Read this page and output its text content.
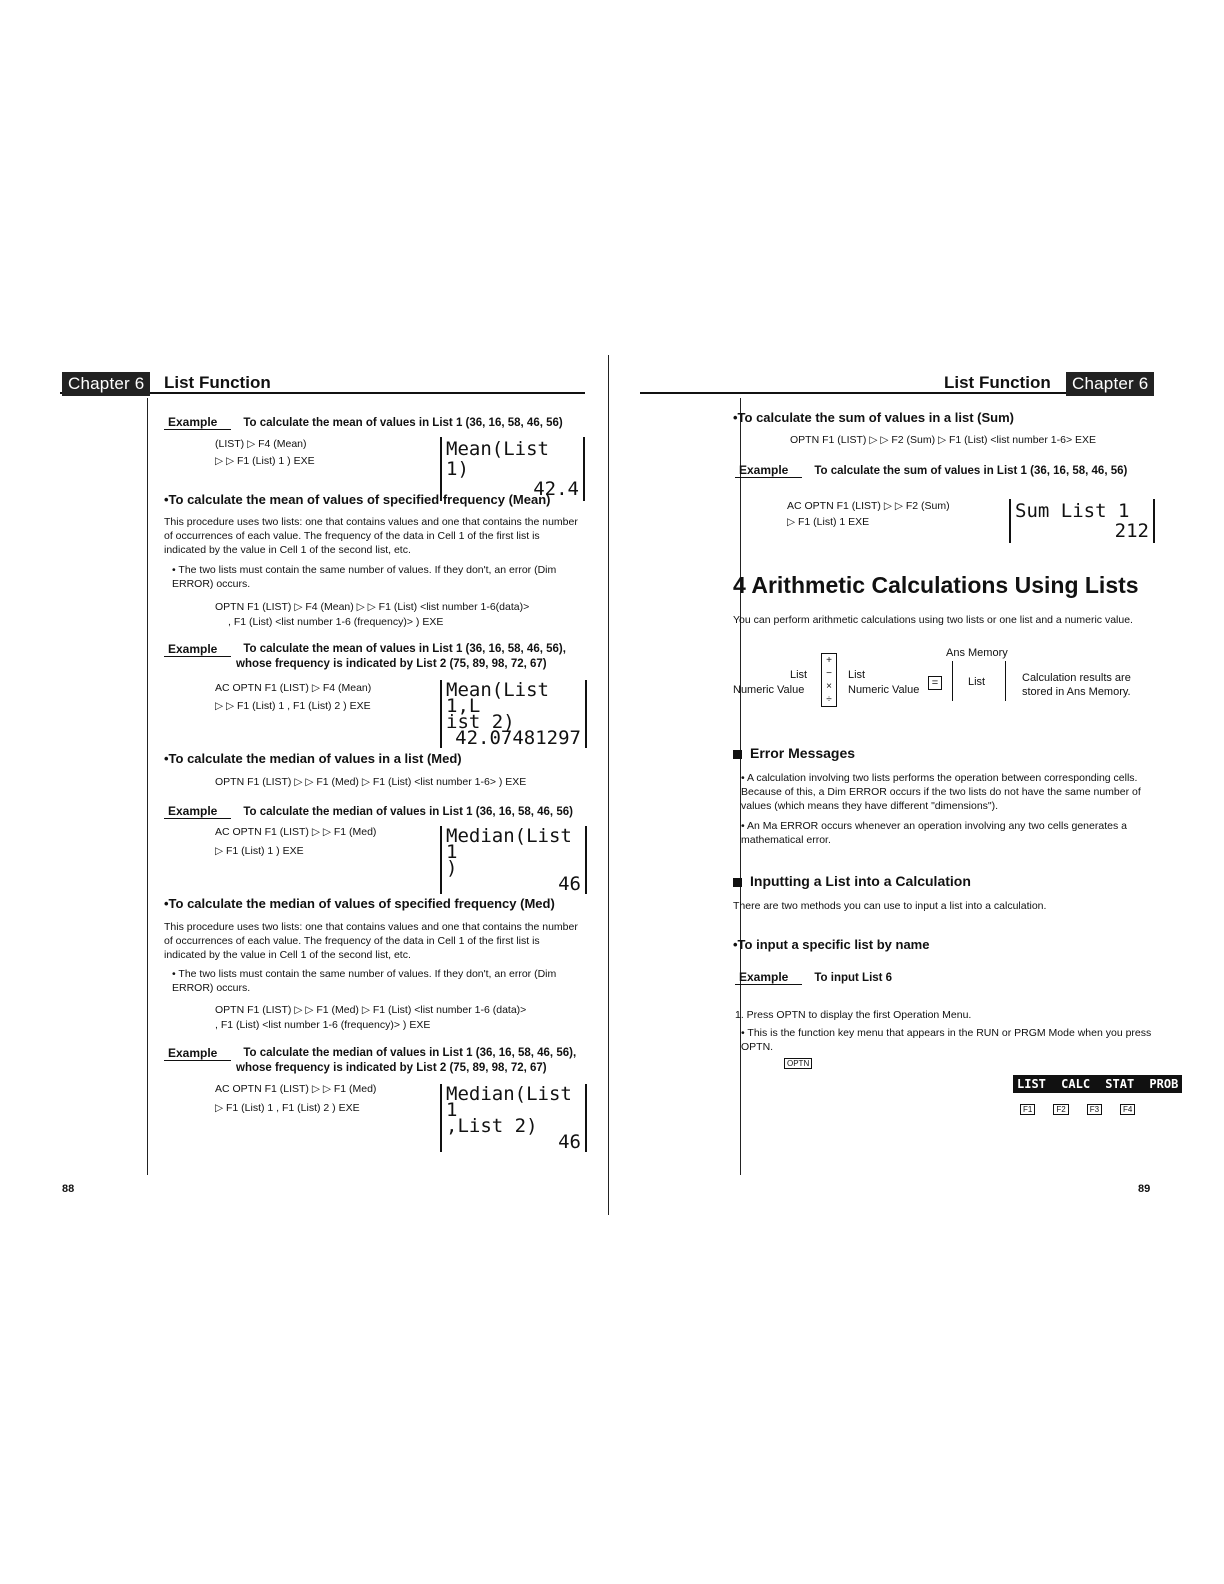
Chapter 6	List Function
Example To calculate the mean of values in List 1 (36, 16, 58, 46, 56)
(LIST) ▷ F4 (Mean)
▷ ▷ F1 (List) 1 ) EXE
Mean(List 1)
42.4
•To calculate the mean of values of specified frequency (Mean)
This procedure uses two lists: one that contains values and one that contains the number of occurrences of each value. The frequency of the data in Cell 1 of the first list is indicated by the value in Cell 1 of the second list, etc.
• The two lists must contain the same number of values. If they don't, an error (Dim ERROR) occurs.
OPTN F1 (LIST) ▷ F4 (Mean) ▷ ▷ F1 (List) <list number 1-6(data)>
, F1 (List) <list number 1-6 (frequency)> ) EXE
Example	To calculate the mean of values in List 1 (36, 16, 58, 46, 56), whose frequency is indicated by List 2 (75, 89, 98, 72, 67)
AC OPTN F1 (LIST) ▷ F4 (Mean)
▷ ▷ F1 (List) 1 , F1 (List) 2 ) EXE
Mean(List 1,L
ist 2)
42.07481297
•To calculate the median of values in a list (Med)
OPTN F1 (LIST) ▷ ▷ F1 (Med) ▷ F1 (List) <list number 1-6> ) EXE
Example To calculate the median of values in List 1 (36, 16, 58, 46, 56)
AC OPTN F1 (LIST) ▷ ▷ F1 (Med)
▷ F1 (List) 1 ) EXE
Median(List 1
)
46
•To calculate the median of values of specified frequency (Med)
This procedure uses two lists: one that contains values and one that contains the number of occurrences of each value. The frequency of the data in Cell 1 of the first list is indicated by the value in Cell 1 of the second list, etc.
• The two lists must contain the same number of values. If they don't, an error (Dim ERROR) occurs.
OPTN F1 (LIST) ▷ ▷ F1 (Med) ▷ F1 (List) <list number 1-6 (data)>
, F1 (List) <list number 1-6 (frequency)> ) EXE
Example	To calculate the median of values in List 1 (36, 16, 58, 46, 56), whose frequency is indicated by List 2 (75, 89, 98, 72, 67)
AC OPTN F1 (LIST) ▷ ▷ F1 (Med)
▷ F1 (List) 1 , F1 (List) 2 ) EXE
Median(List 1
,List 2)
46
88
List Function	Chapter 6
•To calculate the sum of values in a list (Sum)
OPTN F1 (LIST) ▷ ▷ F2 (Sum) ▷ F1 (List) <list number 1-6> EXE
Example To calculate the sum of values in List 1 (36, 16, 58, 46, 56)
AC OPTN F1 (LIST) ▷ ▷ F2 (Sum)
▷ F1 (List) 1 EXE	Sum List 1
212
4 Arithmetic Calculations Using Lists
You can perform arithmetic calculations using two lists or one list and a numeric value.
List
Numeric Value
+
−
×
÷
List
Numeric Value
=
Ans Memory
List	Calculation results are stored in Ans Memory.
Error Messages
• A calculation involving two lists performs the operation between corresponding cells. Because of this, a Dim ERROR occurs if the two lists do not have the same number of values (which means they have different "dimensions").
• An Ma ERROR occurs whenever an operation involving any two cells generates a mathematical error.
Inputting a List into a Calculation
There are two methods you can use to input a list into a calculation.
•To input a specific list by name
Example To input List 6
1. Press OPTN to display the first Operation Menu.
• This is the function key menu that appears in the RUN or PRGM Mode when you press OPTN.
OPTN
LIST CALC STAT PROB
F1	F2	F3	F4
89
